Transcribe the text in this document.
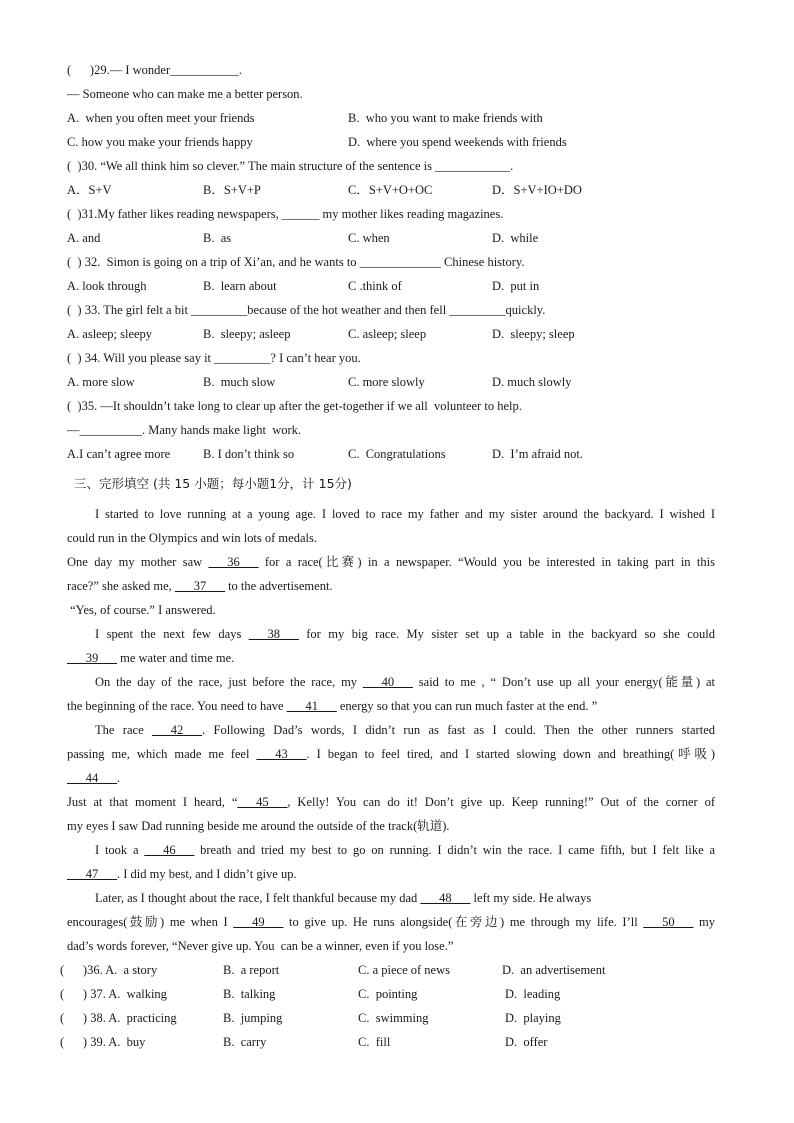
(      )29.— I wonder___________.
— Someone who can make me a better person.
A.  when you often meet your friends	B.  who you want to make friends with
C. how you make your friends happy	D.  where you spend weekends with friends
(  )30. “We all think him so clever.” The main structure of the sentence is ____________.
A．S+V	B．S+V+P	C．S+V+O+OC	D．S+V+IO+DO
(  )31.My father likes reading newspapers, ______ my mother likes reading magazines.
A. and	B.  as	C. when	D.  while
(  ) 32.  Simon is going on a trip of Xi’an, and he wants to _____________ Chinese history.
A. look through	B.  learn about	C .think of	D.  put in
(  ) 33. The girl felt a bit _________because of the hot weather and then fell _________quickly.
A. asleep; sleepy	B.  sleepy; asleep	C. asleep; sleep	D.  sleepy; sleep
(  ) 34. Will you please say it _________? I can’t hear you.
A. more slow	B.  much slow	C. more slowly	D. much slowly
(  )35. —It shouldn’t take long to clear up after the get-together if we all  volunteer to help.
—__________. Many hands make light  work.
A.I can’t agree more	B. I don’t think so	C.  Congratulations	D.  I’m afraid not.
三、完形填空 (共 15 小题；每小题1分，计 15分)
I started to love running at a young age. I loved to race my father and my sister around the backyard. I wished I
could run in the Olympics and win lots of medals.
One day my mother saw ___36___ for a race(比赛) in a newspaper. “Would you be interested in taking part in this
race?” she asked me, ___37___ to the advertisement.
“Yes, of course.” I answered.
I spent the next few days ___38___ for my big race. My sister set up a table in the backyard so she could
___39___ me water and time me.
On the day of the race, just before the race, my ___40___ said to me , “ Don’t use up all your energy(能量) at
the beginning of the race. You need to have ___41___ energy so that you can run much faster at the end. ”
The race ___42___. Following Dad’s words, I didn’t run as fast as I could. Then the other runners started
passing me, which made me feel ___43___. I began to feel tired, and I started slowing down and breathing(呼吸)
___44___.
Just at that moment I heard, “___45___, Kelly! You can do it! Don’t give up. Keep running!” Out of the corner of
my eyes I saw Dad running beside me around the outside of the track(轨道).
I took a ___46___ breath and tried my best to go on running. I didn’t win the race. I came fifth, but I felt like a
___47___. I did my best, and I didn’t give up.
Later, as I thought about the race, I felt thankful because my dad ___48___ left my side. He always
encourages(鼓励) me when I ___49___ to give up. He runs alongside(在旁边) me through my life. I’ll ___50___ my
dad’s words forever, “Never give up. You  can be a winner, even if you lose.”
(      )36. A.  a story	B.  a report	C. a piece of news	D.  an advertisement
(      ) 37. A.  walking	B.  talking	C.  pointing	D.  leading
(      ) 38. A.  practicing	B.  jumping	C.  swimming	D.  playing
(      ) 39. A.  buy	B.  carry	C.  fill	D.  offer
